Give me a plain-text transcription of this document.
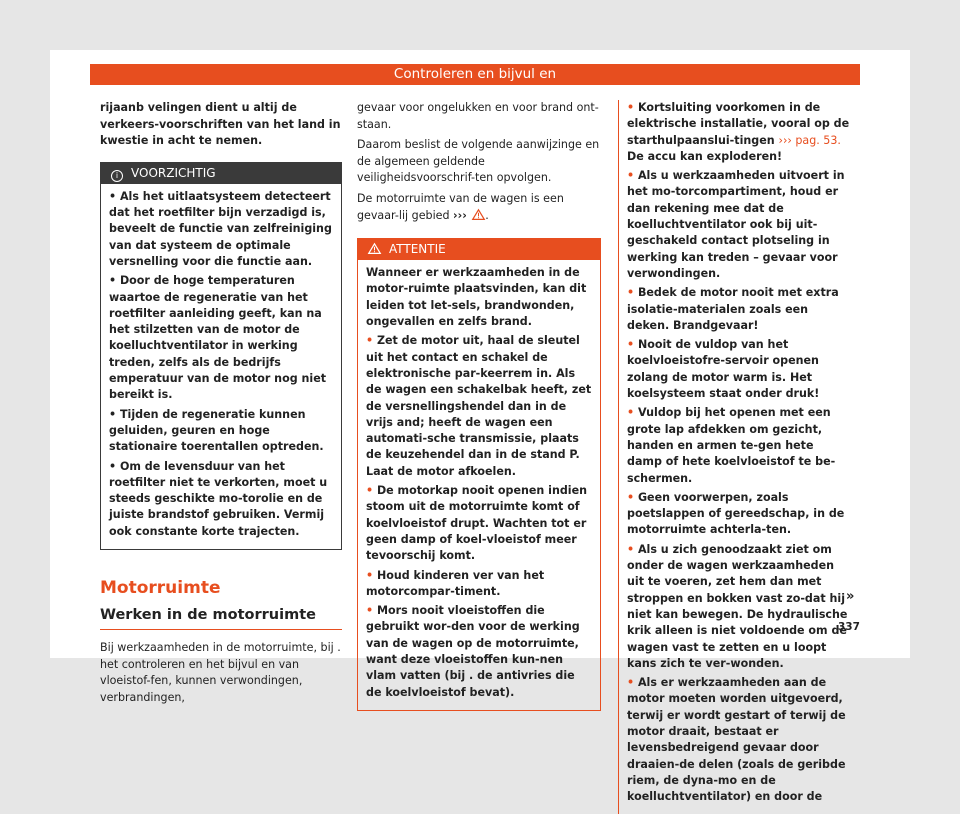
Controleren en bijvul en

rijaanb velingen dient u altij de verkeers-voorschriften van het land in kwestie in acht te nemen.

i VOORZICHTIG

• Als het uitlaatsysteem detecteert dat het roetfilter bijn verzadigd is, beveelt de functie van zelfreiniging van dat systeem de optimale versnelling voor die functie aan.

• Door de hoge temperaturen waartoe de regeneratie van het roetfilter aanleiding geeft, kan na het stilzetten van de motor de koelluchtventilator in werking treden, zelfs als de bedrijfs emperatuur van de motor nog niet bereikt is.

• Tijden de regeneratie kunnen geluiden, geuren en hoge stationaire toerentallen optreden.

• Om de levensduur van het roetfilter niet te verkorten, moet u steeds geschikte mo-torolie en de juiste brandstof gebruiken. Vermij ook constante korte trajecten.

Motorruimte
Werken in de motorruimte

Bij werkzaamheden in de motorruimte, bij . het controleren en het bijvul en van vloeistof-fen, kunnen verwondingen, verbrandingen,

gevaar voor ongelukken en voor brand ont-staan.

Daarom beslist de volgende aanwijzinge en de algemeen geldende veiligheidsvoorschrif-ten opvolgen.

De motorruimte van de wagen is een gevaar-lij gebied ››› .

ATTENTIE

Wanneer er werkzaamheden in de motor-ruimte plaatsvinden, kan dit leiden tot let-sels, brandwonden, ongevallen en zelfs brand.

• Zet de motor uit, haal de sleutel uit het contact en schakel de elektronische par-keerrem in. Als de wagen een schakelbak heeft, zet de versnellingshendel dan in de vrijs and; heeft de wagen een automati-sche transmissie, plaats de keuzehendel dan in de stand P. Laat de motor afkoelen.

• De motorkap nooit openen indien stoom uit de motorruimte komt of koelvloeistof drupt. Wachten tot er geen damp of koel-vloeistof meer tevoorschij komt.

• Houd kinderen ver van het motorcompar-timent.

• Mors nooit vloeistoffen die gebruikt wor-den voor de werking van de wagen op de motorruimte, want deze vloeistoffen kun-nen vlam vatten (bij . de antivries die de koelvloeistof bevat).

• Kortsluiting voorkomen in de elektrische installatie, vooral op de starthulpaanslui-tingen ››› pag. 53. De accu kan exploderen!

• Als u werkzaamheden uitvoert in het mo-torcompartiment, houd er dan rekening mee dat de koelluchtventilator ook bij uit-geschakeld contact plotseling in werking kan treden – gevaar voor verwondingen.

• Bedek de motor nooit met extra isolatie-materialen zoals een deken. Brandgevaar!

• Nooit de vuldop van het koelvloeistofre-servoir openen zolang de motor warm is. Het koelsysteem staat onder druk!

• Vuldop bij het openen met een grote lap afdekken om gezicht, handen en armen te-gen hete damp of hete koelvloeistof te be-schermen.

• Geen voorwerpen, zoals poetslappen of gereedschap, in de motorruimte achterla-ten.

• Als u zich genoodzaakt ziet om onder de wagen werkzaamheden uit te voeren, zet hem dan met stroppen en bokken vast zo-dat hij niet kan bewegen. De hydraulische krik alleen is niet voldoende om de wagen vast te zetten en u loopt kans zich te ver-wonden.

• Als er werkzaamheden aan de motor moeten worden uitgevoerd, terwij er wordt gestart of terwij de motor draait, bestaat er levensbedreigend gevaar door draaien-de delen (zoals de geribde riem, de dyna-mo en de koelluchtventilator) en door de

»
337
